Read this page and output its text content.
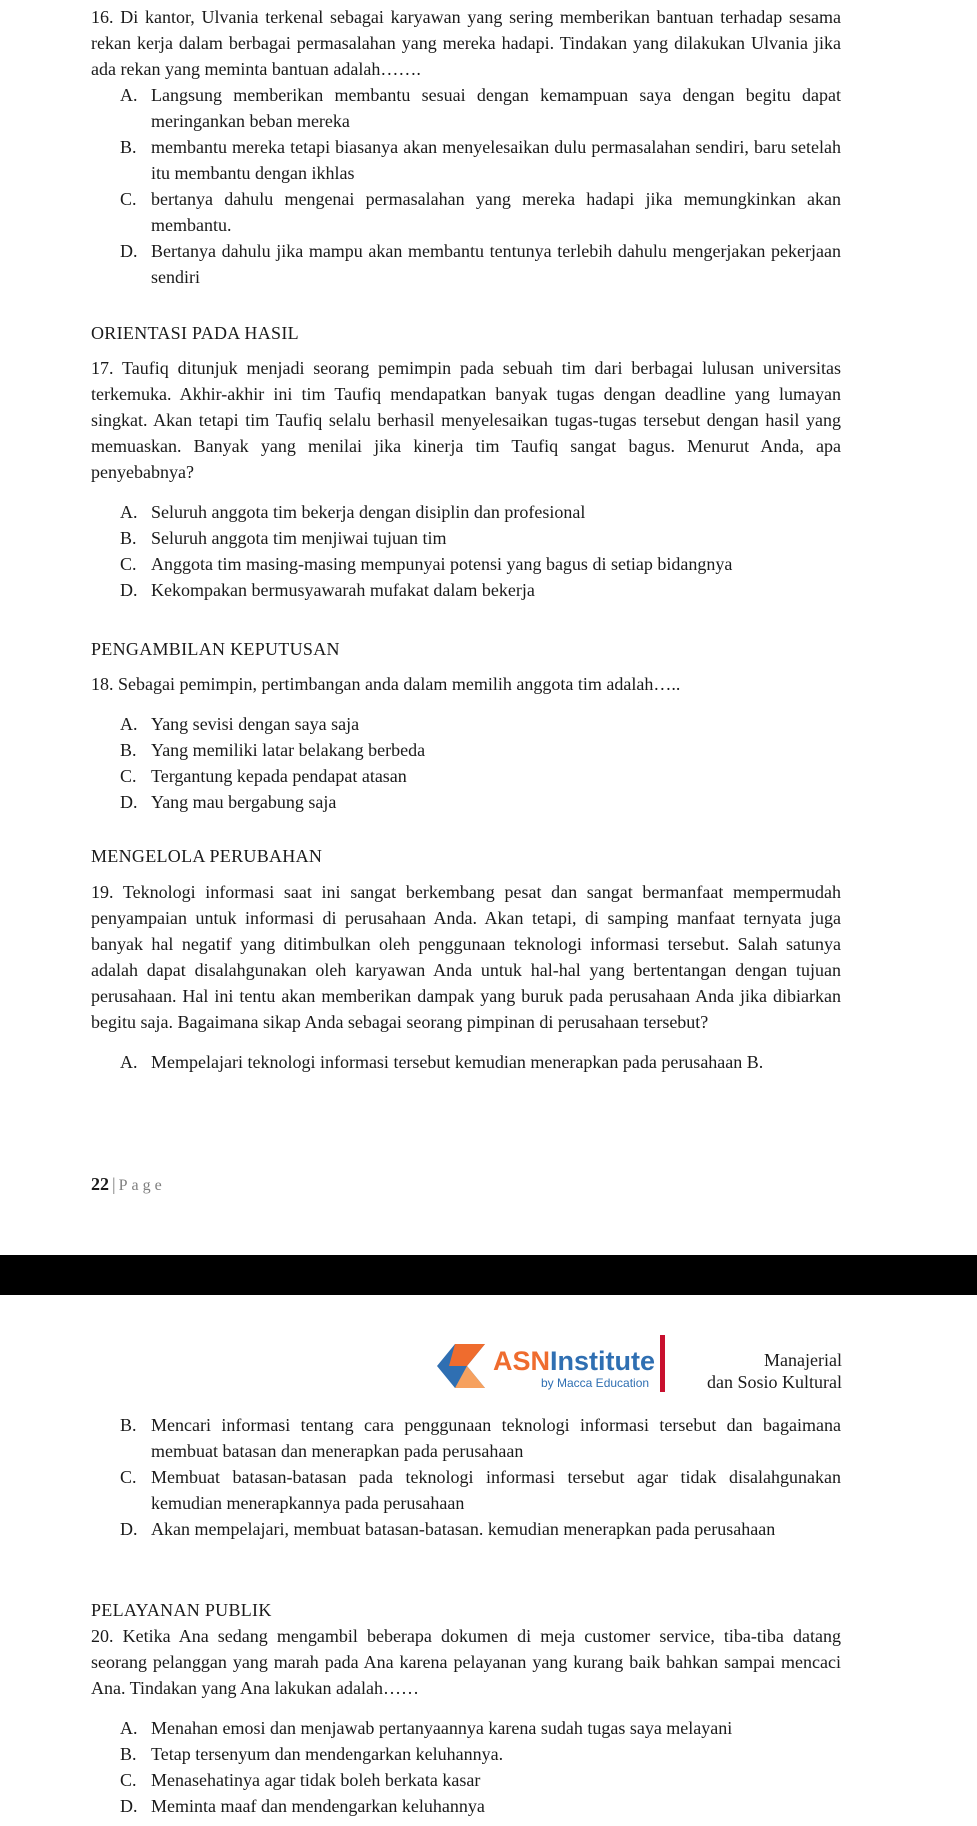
16. Di kantor, Ulvania terkenal sebagai karyawan yang sering memberikan bantuan terhadap sesama rekan kerja dalam berbagai permasalahan yang mereka hadapi. Tindakan yang dilakukan Ulvania jika ada rekan yang meminta bantuan adalah…….

A. Langsung memberikan membantu sesuai dengan kemampuan saya dengan begitu dapat meringankan beban mereka
B. membantu mereka tetapi biasanya akan menyelesaikan dulu permasalahan sendiri, baru setelah itu membantu dengan ikhlas
C. bertanya dahulu mengenai permasalahan yang mereka hadapi jika memungkinkan akan membantu.
D. Bertanya dahulu jika mampu akan membantu tentunya terlebih dahulu mengerjakan pekerjaan sendiri
ORIENTASI PADA HASIL

17. Taufiq ditunjuk menjadi seorang pemimpin pada sebuah tim dari berbagai lulusan universitas terkemuka. Akhir-akhir ini tim Taufiq mendapatkan banyak tugas dengan deadline yang lumayan singkat. Akan tetapi tim Taufiq selalu berhasil menyelesaikan tugas-tugas tersebut dengan hasil yang memuaskan. Banyak yang menilai jika kinerja tim Taufiq sangat bagus. Menurut Anda, apa penyebabnya?

A. Seluruh anggota tim bekerja dengan disiplin dan profesional
B. Seluruh anggota tim menjiwai tujuan tim
C. Anggota tim masing-masing mempunyai potensi yang bagus di setiap bidangnya
D. Kekompakan bermusyawarah mufakat dalam bekerja
PENGAMBILAN KEPUTUSAN

18. Sebagai pemimpin, pertimbangan anda dalam memilih anggota tim adalah…..

A. Yang sevisi dengan saya saja
B. Yang memiliki latar belakang berbeda
C. Tergantung kepada pendapat atasan
D. Yang mau bergabung saja
MENGELOLA PERUBAHAN

19. Teknologi informasi saat ini sangat berkembang pesat dan sangat bermanfaat mempermudah penyampaian untuk informasi di perusahaan Anda. Akan tetapi, di samping manfaat ternyata juga banyak hal negatif yang ditimbulkan oleh penggunaan teknologi informasi tersebut. Salah satunya adalah dapat disalahgunakan oleh karyawan Anda untuk hal-hal yang bertentangan dengan tujuan perusahaan. Hal ini tentu akan memberikan dampak yang buruk pada perusahaan Anda jika dibiarkan begitu saja. Bagaimana sikap Anda sebagai seorang pimpinan di perusahaan tersebut?

A. Mempelajari teknologi informasi tersebut kemudian menerapkan pada perusahaan B.
22 | Page
ASNInstitute
by Macca Education
Manajerial
dan Sosio Kultural
B. Mencari informasi tentang cara penggunaan teknologi informasi tersebut dan bagaimana membuat batasan dan menerapkan pada perusahaan
C. Membuat batasan-batasan pada teknologi informasi tersebut agar tidak disalahgunakan kemudian menerapkannya pada perusahaan
D. Akan mempelajari, membuat batasan-batasan. kemudian menerapkan pada perusahaan
PELAYANAN PUBLIK

20. Ketika Ana sedang mengambil beberapa dokumen di meja customer service, tiba-tiba datang seorang pelanggan yang marah pada Ana karena pelayanan yang kurang baik bahkan sampai mencaci Ana. Tindakan yang Ana lakukan adalah……

A. Menahan emosi dan menjawab pertanyaannya karena sudah tugas saya melayani
B. Tetap tersenyum dan mendengarkan keluhannya.
C. Menasehatinya agar tidak boleh berkata kasar
D. Meminta maaf dan mendengarkan keluhannya
